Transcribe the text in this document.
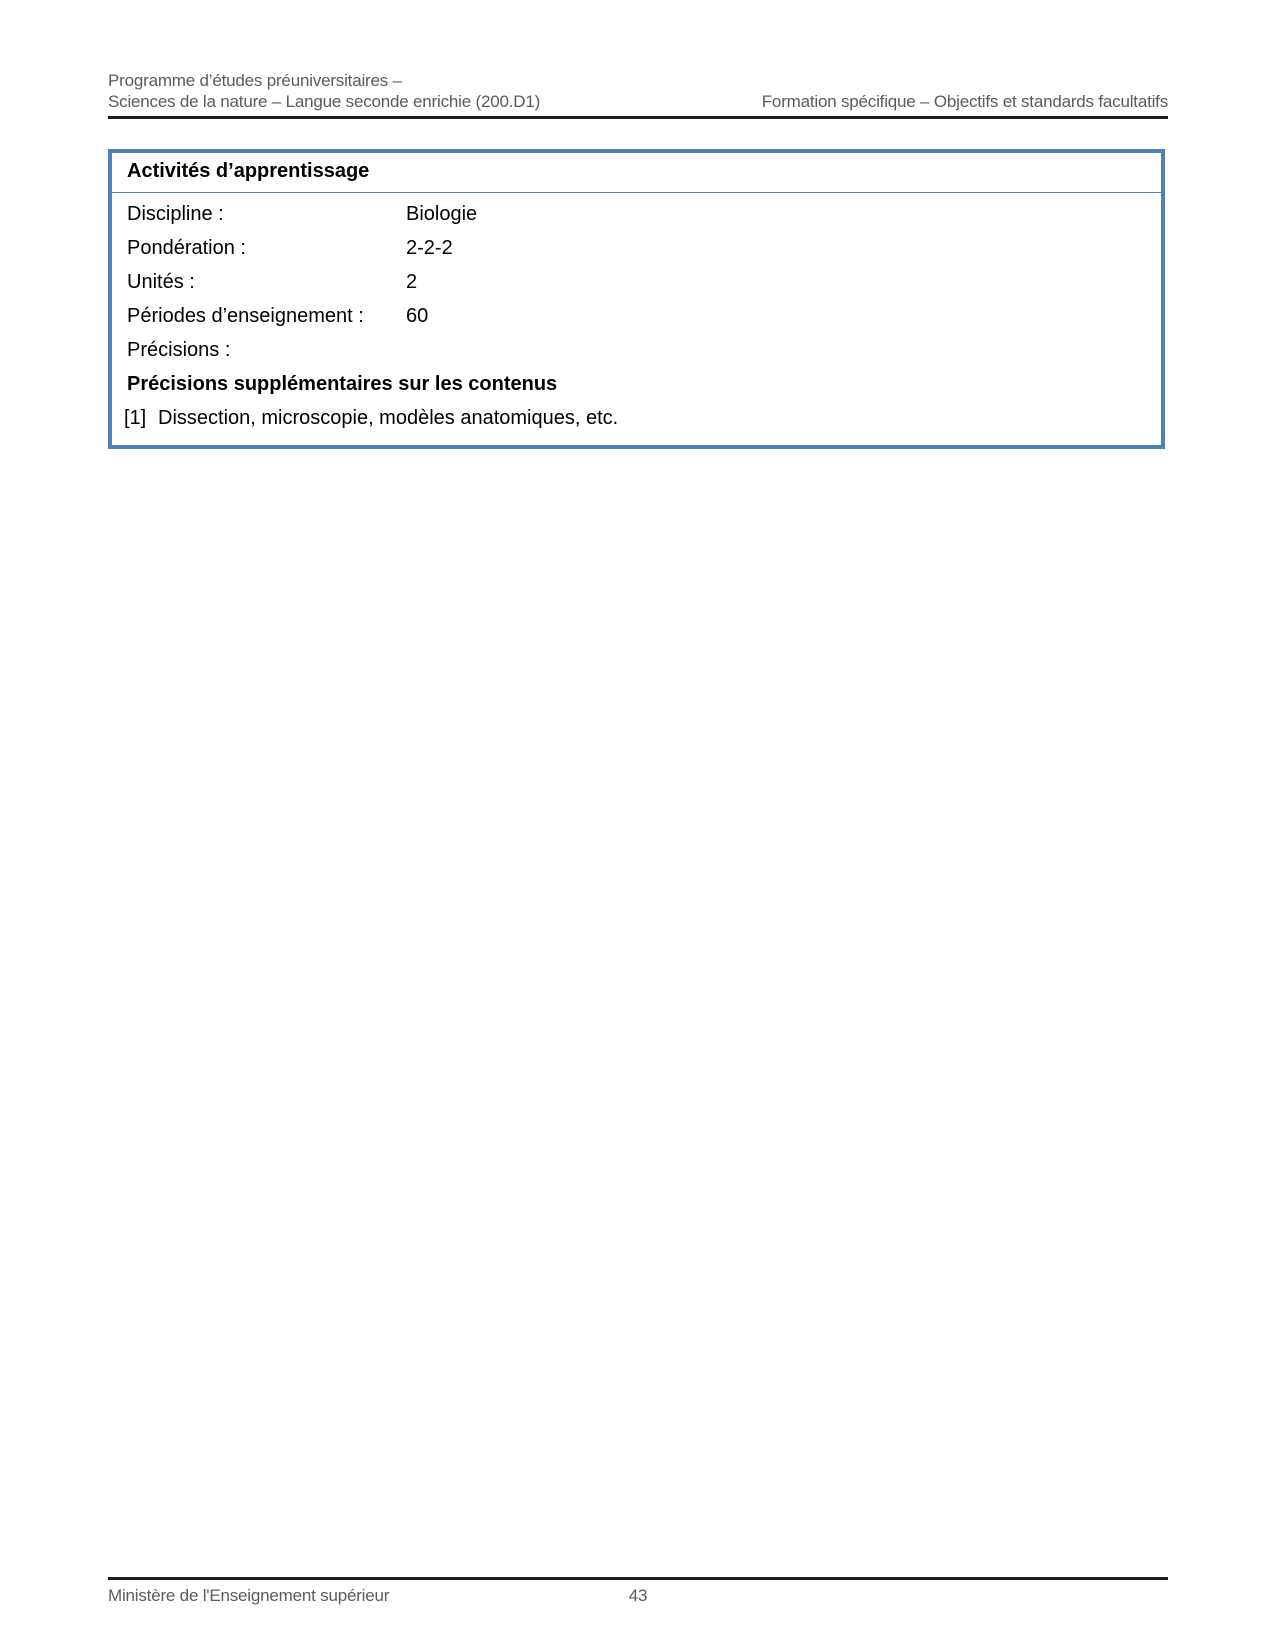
Programme d’études préuniversitaires –
Sciences de la nature – Langue seconde enrichie (200.D1)	Formation spécifique – Objectifs et standards facultatifs
Activités d’apprentissage
Discipline :	Biologie
Pondération :	2-2-2
Unités :	2
Périodes d’enseignement : 60
Précisions :
Précisions supplémentaires sur les contenus
[1] Dissection, microscopie, modèles anatomiques, etc.
Ministère de l'Enseignement supérieur	43
